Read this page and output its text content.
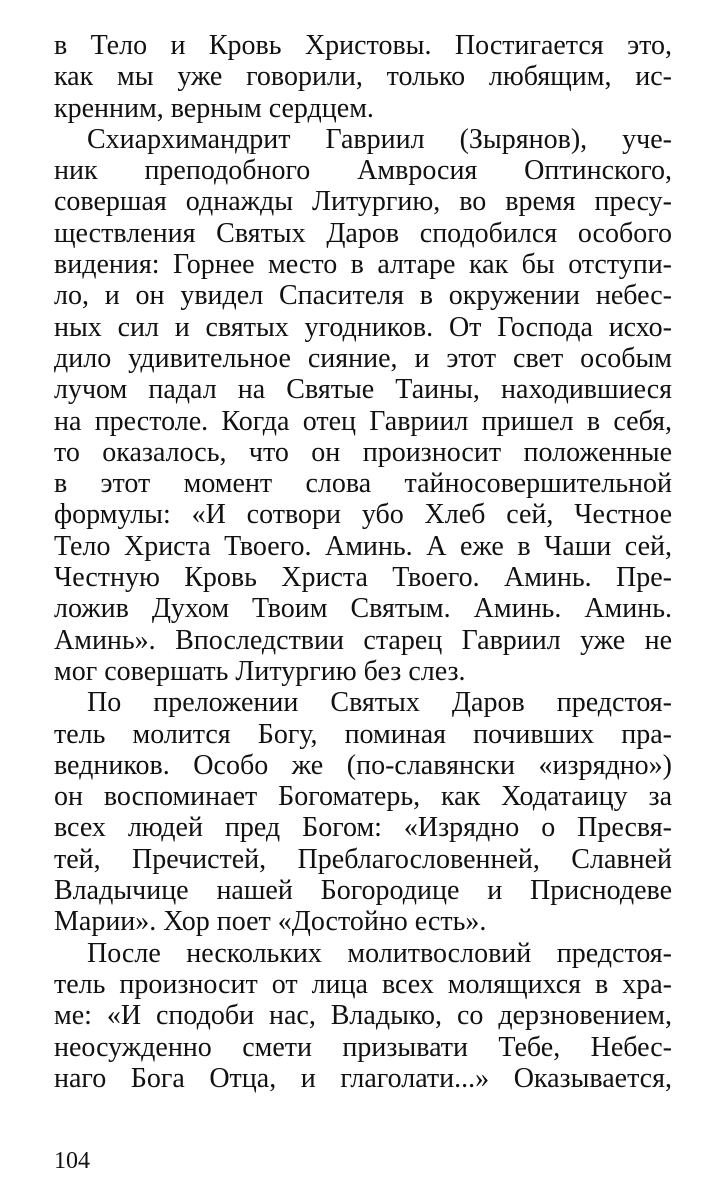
в Тело и Кровь Христовы. Постигается это,
как мы уже говорили, только любящим, ис-
кренним, верным сердцем.
Схиархимандрит Гавриил (Зырянов), уче-
ник преподобного Амвросия Оптинского,
совершая однажды Литургию, во время пресу-
ществления Святых Даров сподобился особого
видения: Горнее место в алтаре как бы отступи-
ло, и он увидел Спасителя в окружении небес-
ных сил и святых угодников. От Господа исхо-
дило удивительное сияние, и этот свет особым
лучом падал на Святые Таины, находившиеся
на престоле. Когда отец Гавриил пришел в себя,
то оказалось, что он произносит положенные
в этот момент слова тайносовершительной
формулы: «И сотвори убо Хлеб сей, Честное
Тело Христа Твоего. Аминь. А еже в Чаши сей,
Честную Кровь Христа Твоего. Аминь. Пре-
ложив Духом Твоим Святым. Аминь. Аминь.
Аминь». Впоследствии старец Гавриил уже не
мог совершать Литургию без слез.
По преложении Святых Даров предстоя-
тель молится Богу, поминая почивших пра-
ведников. Особо же (по-славянски «изрядно»)
он воспоминает Богоматерь, как Ходатаицу за
всех людей пред Богом: «Изрядно о Пресвя-
тей, Пречистей, Преблагословенней, Славней
Владычице нашей Богородице и Приснодеве
Марии». Хор поет «Достойно есть».
После нескольких молитвословий предстоя-
тель произносит от лица всех молящихся в хра-
ме: «И сподоби нас, Владыко, со дерзновением,
неосужденно смети призывати Тебе, Небес-
наго Бога Отца, и глаголати...» Оказывается,
104
